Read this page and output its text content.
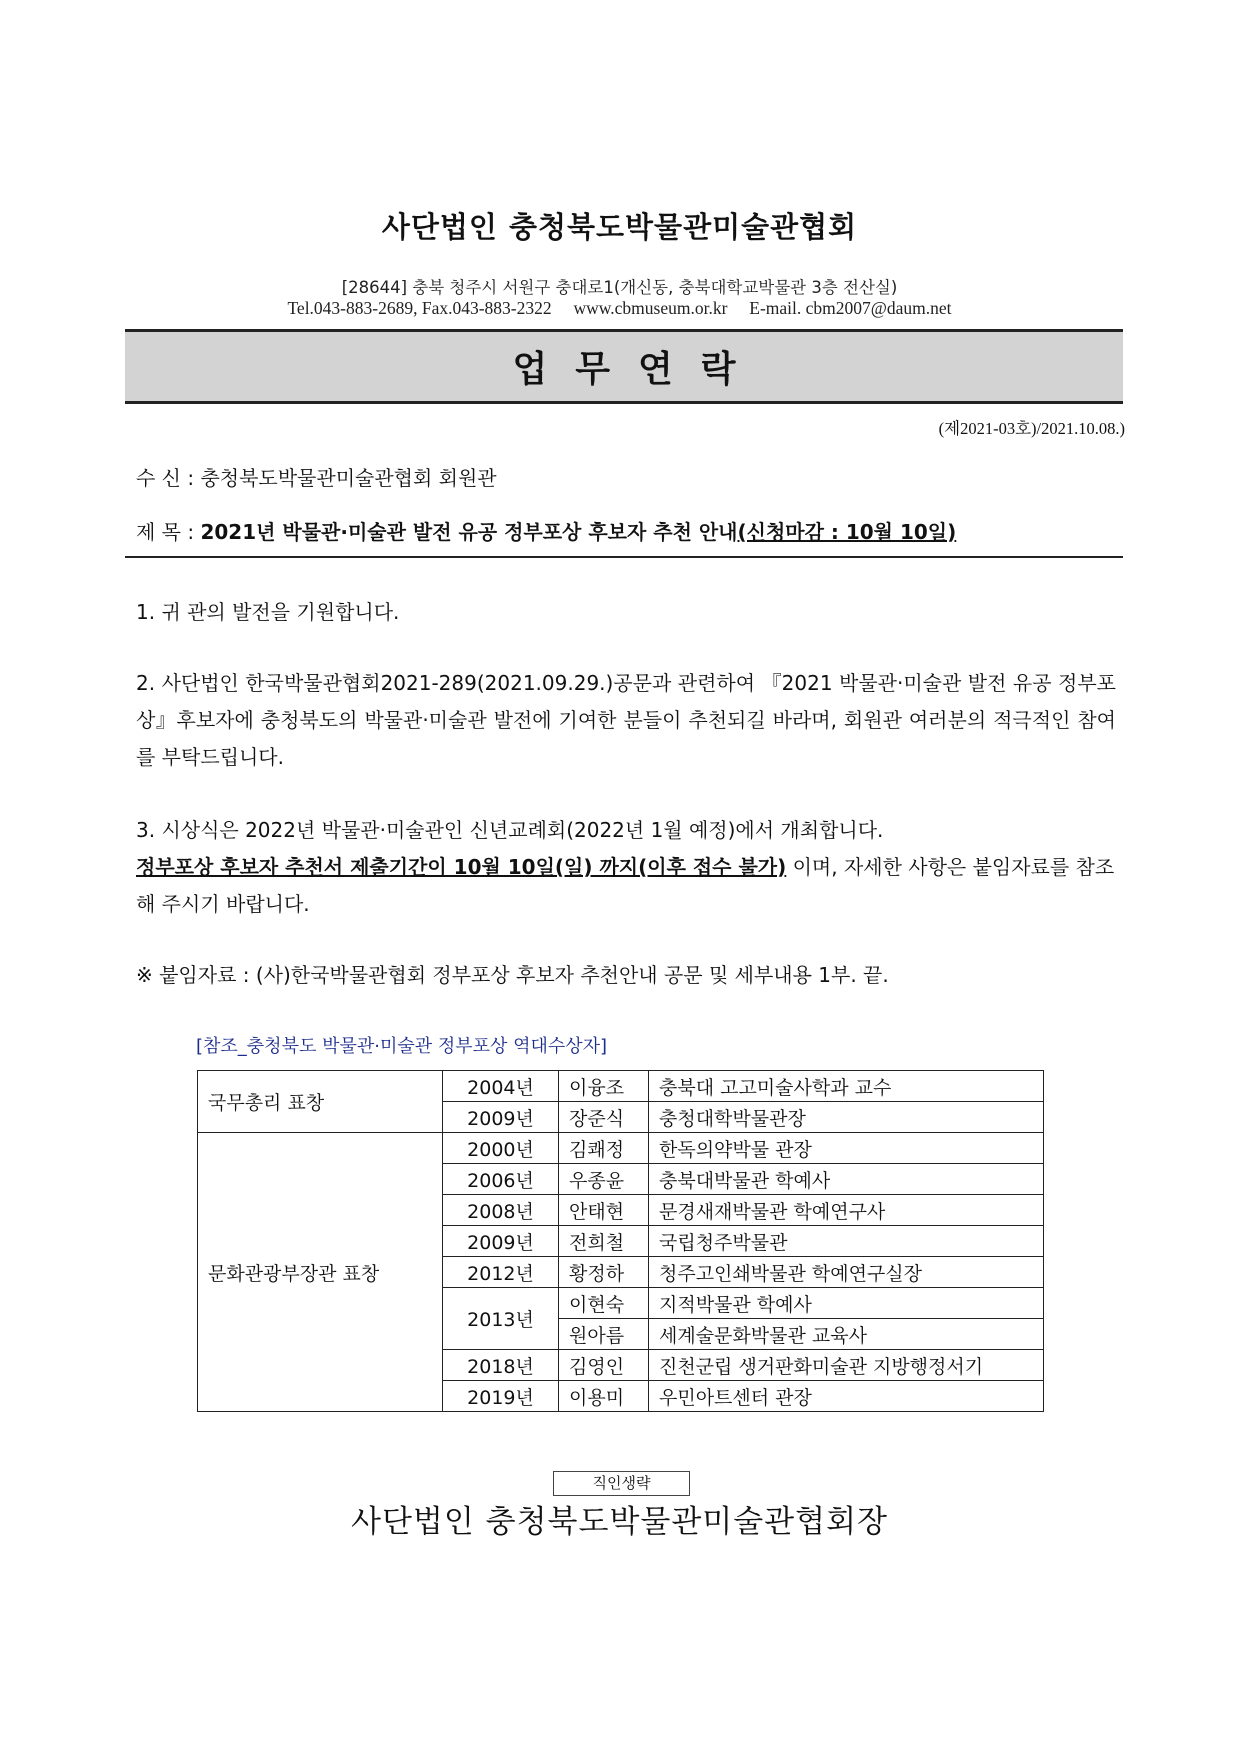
사단법인 충청북도박물관미술관협회
[28644] 충북 청주시 서원구 충대로1(개신동, 충북대학교박물관 3층 전산실)
Tel.043-883-2689, Fax.043-883-2322     www.cbmuseum.or.kr     E-mail. cbm2007@daum.net
업무연락
(제2021-03호)/2021.10.08.)
수 신 : 충청북도박물관미술관협회 회원관
제 목 : 2021년 박물관·미술관 발전 유공 정부포상 후보자 추천 안내(신청마감 : 10월 10일)
1. 귀 관의 발전을 기원합니다.
2. 사단법인 한국박물관협회2021-289(2021.09.29.)공문과 관련하여 『2021 박물관·미술관 발전 유공 정부포상』후보자에 충청북도의 박물관·미술관 발전에 기여한 분들이 추천되길 바라며, 회원관 여러분의 적극적인 참여를 부탁드립니다.
3. 시상식은 2022년 박물관·미술관인 신년교례회(2022년 1월 예정)에서 개최합니다.
정부포상 후보자 추천서 제출기간이 10월 10일(일) 까지(이후 접수 불가) 이며, 자세한 사항은 붙임자료를 참조해 주시기 바랍니다.
※ 붙임자료 : (사)한국박물관협회 정부포상 후보자 추천안내 공문 및 세부내용 1부. 끝.
[참조_충청북도 박물관·미술관 정부포상 역대수상자]
국무총리 표창	2004년	이융조	충북대 고고미술사학과 교수
	2009년	장준식	충청대학박물관장
문화관광부장관 표창	2000년	김쾌정	한독의약박물 관장
	2006년	우종윤	충북대박물관 학예사
	2008년	안태현	문경새재박물관 학예연구사
	2009년	전희철	국립청주박물관
	2012년	황정하	청주고인쇄박물관 학예연구실장
	2013년	이현숙	지적박물관 학예사
		원아름	세계술문화박물관 교육사
	2018년	김영인	진천군립 생거판화미술관 지방행정서기
	2019년	이용미	우민아트센터 관장
직인생략
사단법인 충청북도박물관미술관협회장
